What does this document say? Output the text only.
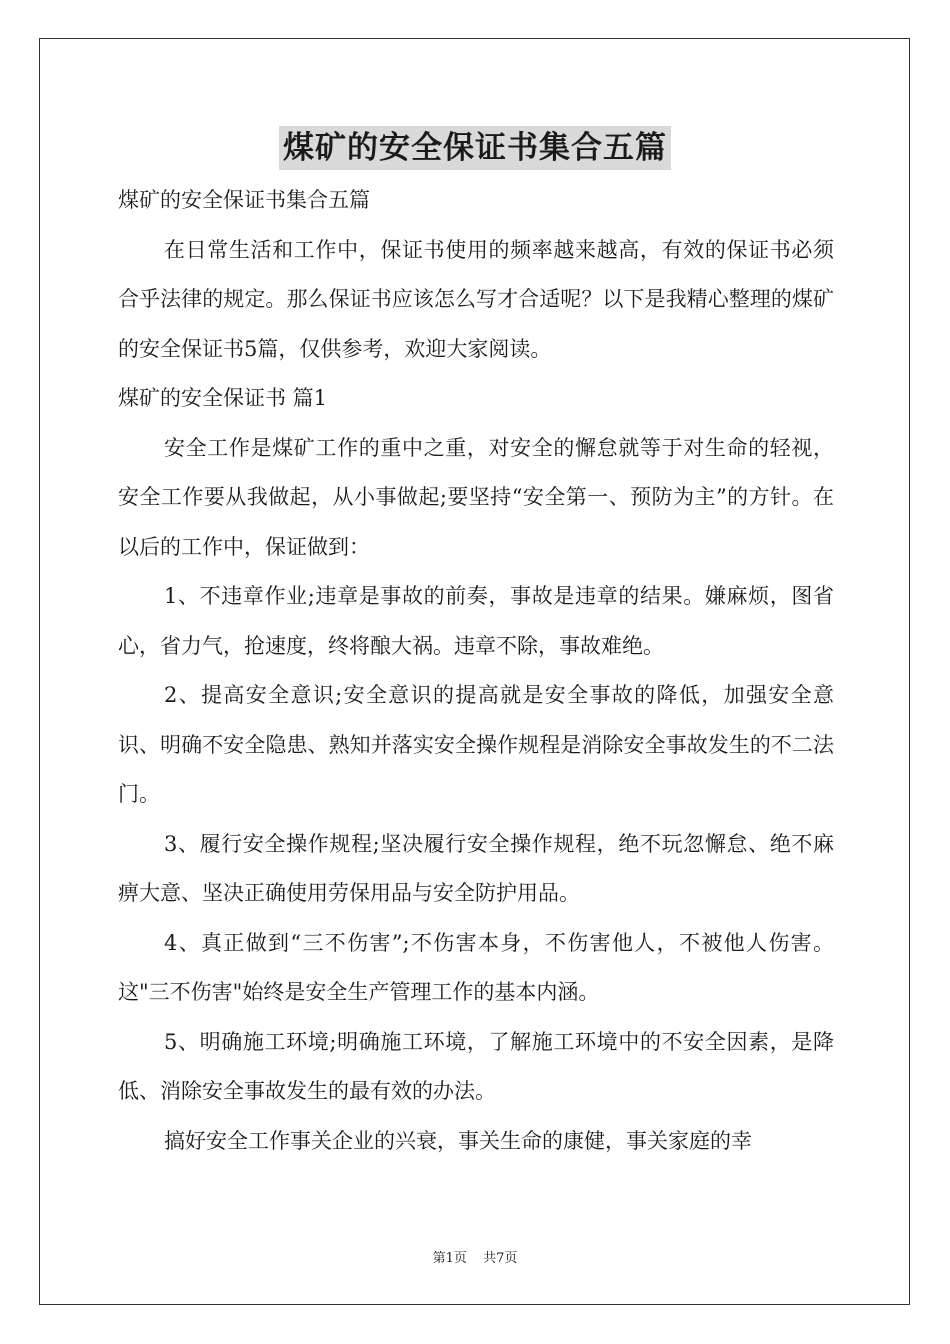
煤矿的安全保证书集合五篇

煤矿的安全保证书集合五篇

在日常生活和工作中，保证书使用的频率越来越高，有效的保证书必须合乎法律的规定。那么保证书应该怎么写才合适呢？以下是我精心整理的煤矿的安全保证书5篇，仅供参考，欢迎大家阅读。

煤矿的安全保证书 篇1

安全工作是煤矿工作的重中之重，对安全的懈怠就等于对生命的轻视，安全工作要从我做起，从小事做起;要坚持“安全第一、预防为主”的方针。在以后的工作中，保证做到：

1、不违章作业;违章是事故的前奏，事故是违章的结果。嫌麻烦，图省心，省力气，抢速度，终将酿大祸。违章不除，事故难绝。

2、提高安全意识;安全意识的提高就是安全事故的降低，加强安全意识、明确不安全隐患、熟知并落实安全操作规程是消除安全事故发生的不二法门。

3、履行安全操作规程;坚决履行安全操作规程，绝不玩忽懈怠、绝不麻痹大意、坚决正确使用劳保用品与安全防护用品。

4、真正做到“三不伤害”;不伤害本身，不伤害他人，不被他人伤害。这"三不伤害"始终是安全生产管理工作的基本内涵。

5、明确施工环境;明确施工环境，了解施工环境中的不安全因素，是降低、消除安全事故发生的最有效的办法。

搞好安全工作事关企业的兴衰，事关生命的康健，事关家庭的幸

第1页 共7页
